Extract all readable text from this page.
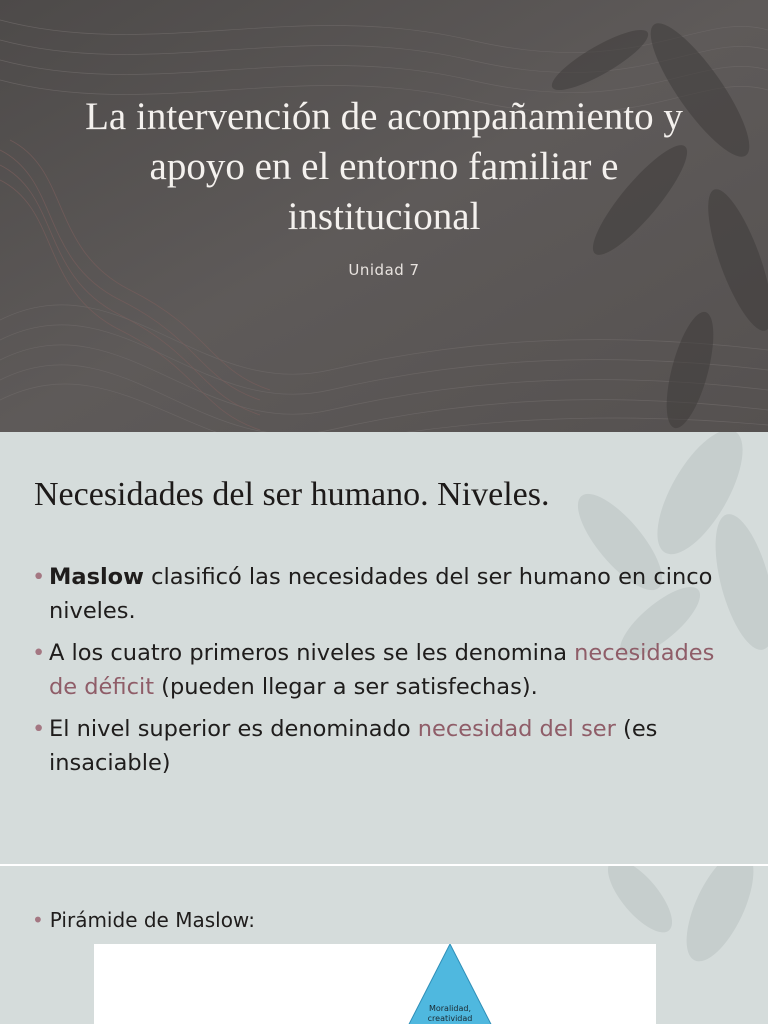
La intervención de acompañamiento y apoyo en el entorno familiar e institucional
Unidad 7
Necesidades del ser humano. Niveles.
• Maslow clasificó las necesidades del ser humano en cinco niveles.
• A los cuatro primeros niveles se les denomina necesidades de déficit (pueden llegar a ser satisfechas).
• El nivel superior es denominado necesidad del ser (es insaciable)
• Pirámide de Maslow:
Moralidad, creatividad
